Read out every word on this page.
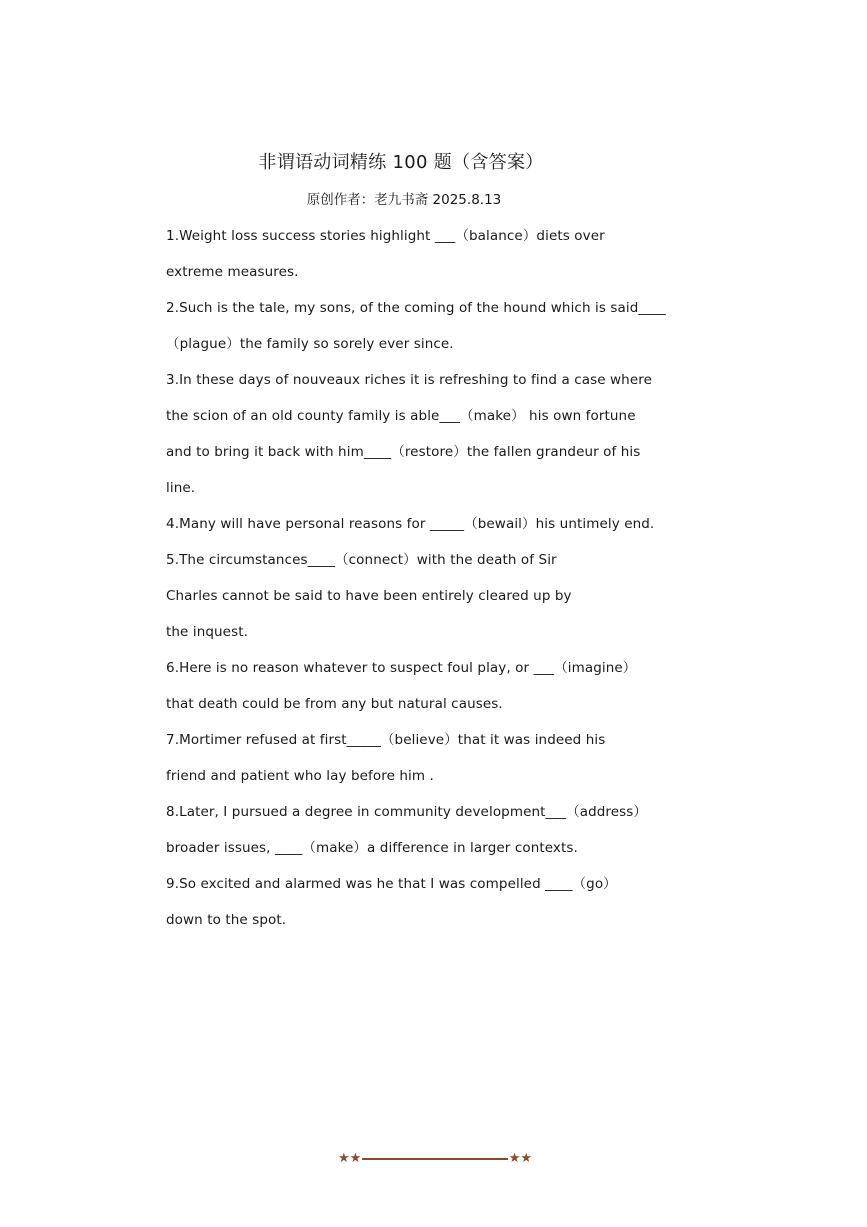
非谓语动词精练 100 题（含答案）
原创作者：老九书斋 2025.8.13
1.Weight loss success stories highlight ___（balance）diets over
extreme measures.
2.Such is the tale, my sons, of the coming of the hound which is said____
（plague）the family so sorely ever since.
3.In these days of nouveaux riches it is refreshing to find a case where
the scion of an old county family is able___（make） his own fortune
and to bring it back with him____（restore）the fallen grandeur of his
line.
4.Many will have personal reasons for _____（bewail）his untimely end.
5.The circumstances____（connect）with the death of Sir
Charles cannot be said to have been entirely cleared up by
the inquest.
6.Here is no reason whatever to suspect foul play, or ___（imagine）
that death could be from any but natural causes.
7.Mortimer refused at first_____（believe）that it was indeed his
friend and patient who lay before him .
8.Later, I pursued a degree in community development___（address）
broader issues, ____（make）a difference in larger contexts.
9.So excited and alarmed was he that I was compelled ____（go）
down to the spot.
★★	★★
